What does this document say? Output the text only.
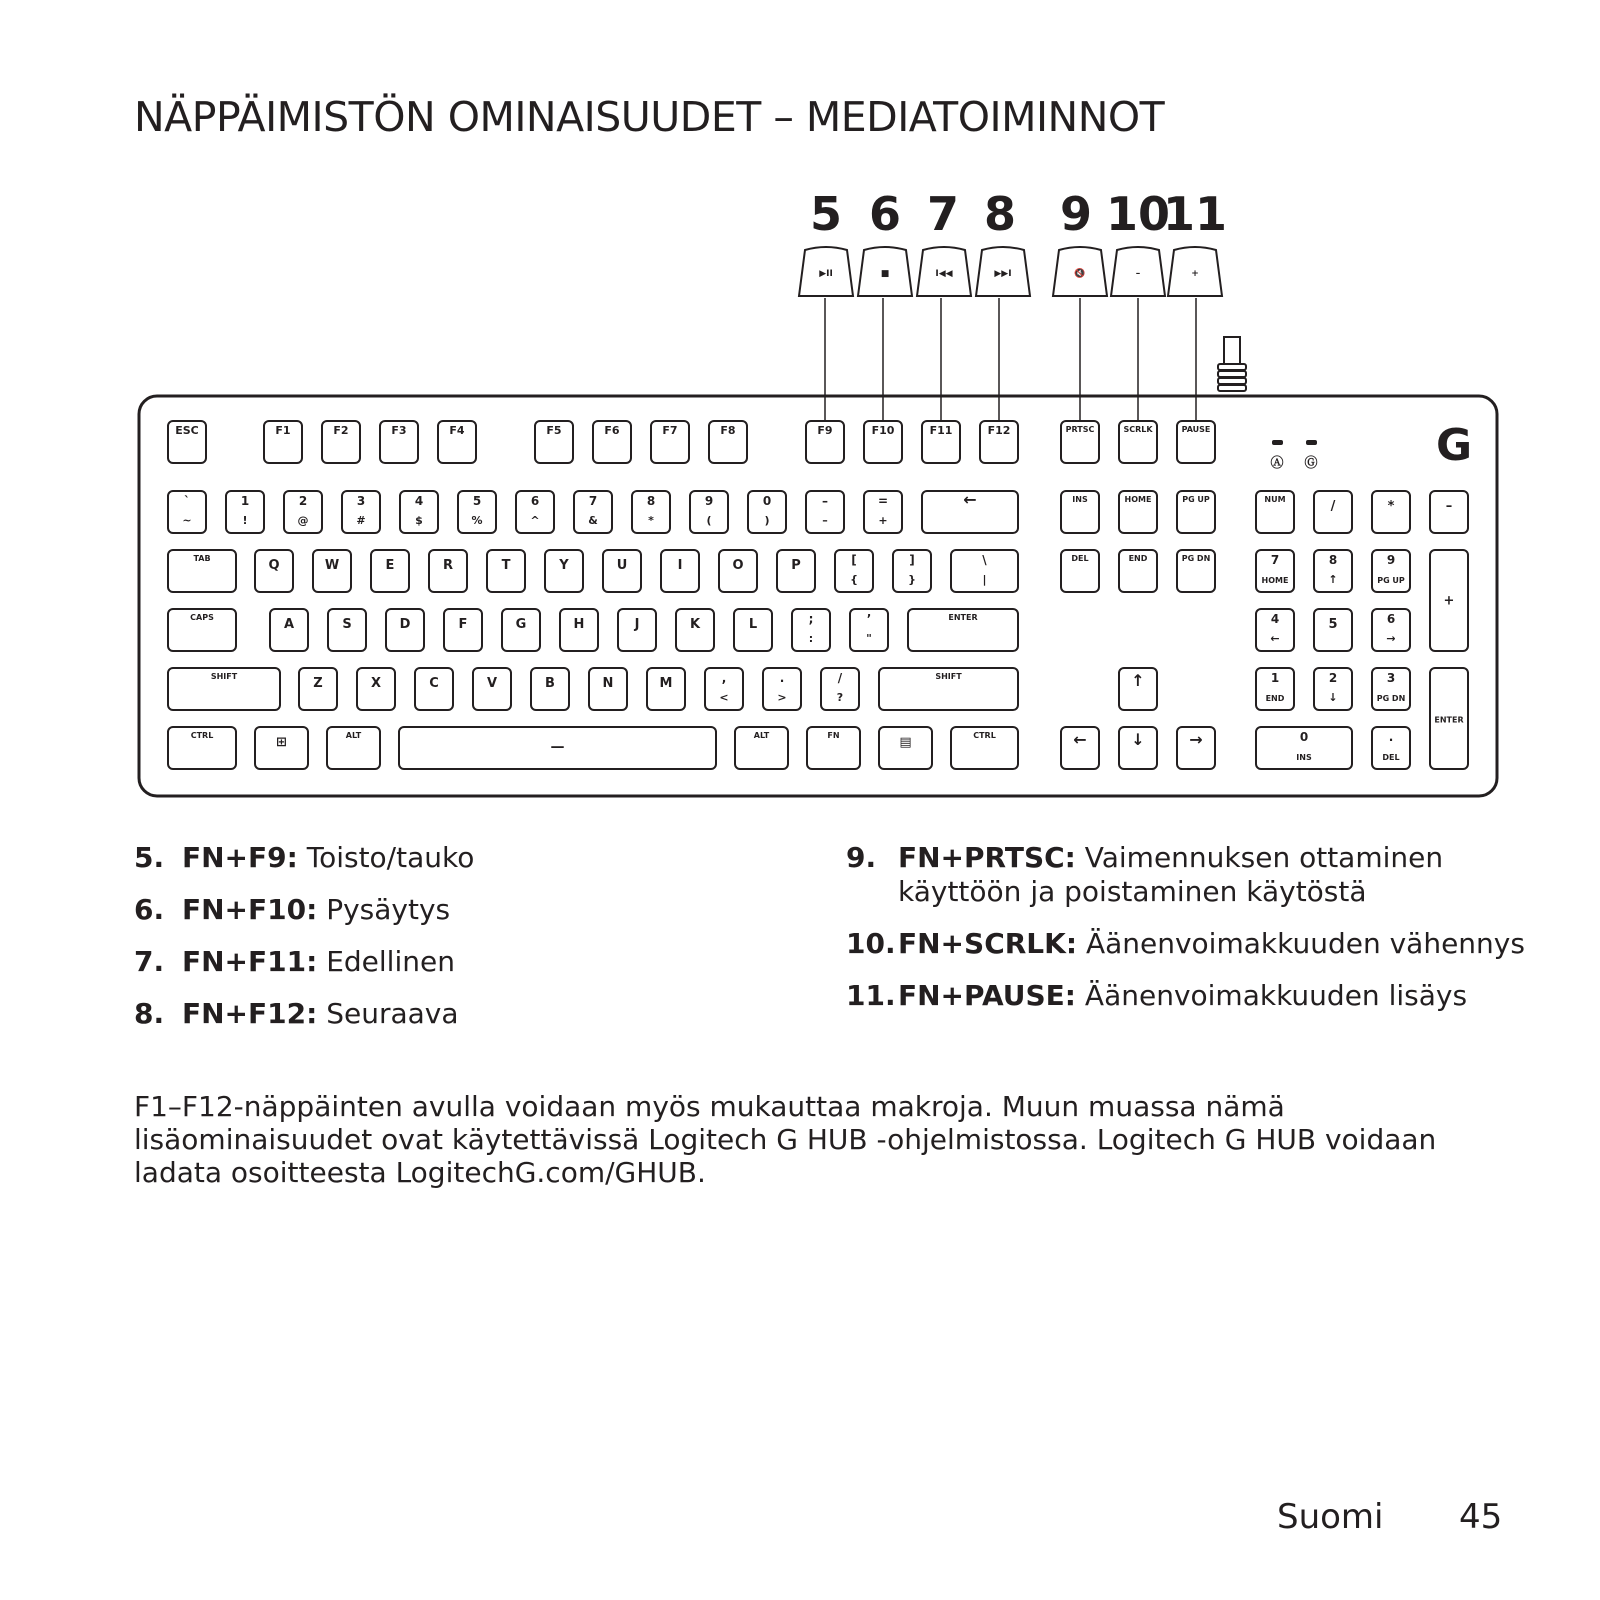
NÄPPÄIMISTÖN OMINAISUUDET – MEDIATOIMINNOT
ESC	F1	F2	F3	F4	F5	F6	F7	F8	F9	F10	F11	F12	PRTSC	SCRLK	PAUSE
`
~
1
!
2
@
3
#
4
$
5
%
6
^
7
&
8
*
9
(
0
)
–
–
=
+
←	INS	HOME	PG UP	NUM	/	*	–
TAB	Q	W	E	R	T	Y	U	I	O	P	[
{
]
}
\
|
DEL	END	PG DN	7
HOME
8
↑
9
PG UP
+
CAPS	A	S	D	F	G	H	J	K	L	;
:
’
"
ENTER	4
←
5	6
→
SHIFT	Z	X	C	V	B	N	M	,
<
.
>
/
?
SHIFT	↑	1
END
2
↓
3
PG DN
ENTER
CTRL	⊞	ALT
—
ALT	FN	▤	CTRL	←	↓	→	0
INS
.
DEL
Ⓐ Ⓖ	G
▶II	■	I◀◀	▶▶I	🔇	–	+
5 6 7 8 9 10
11
5. FN+F9: Toisto/tauko
6. FN+F10: Pysäytys
7. FN+F11: Edellinen
8. FN+F12: Seuraava
9. FN+PRTSC: Vaimennuksen ottaminen
käyttöön ja poistaminen käytöstä
10. FN+SCRLK: Äänenvoimakkuuden vähennys
11. FN+PAUSE: Äänenvoimakkuuden lisäys

F1–F12-näppäinten avulla voidaan myös mukauttaa makroja. Muun muassa nämä lisäominaisuudet ovat käytettävissä Logitech G HUB -ohjelmistossa. Logitech G HUB voidaan ladata osoitteesta LogitechG.com/GHUB.

Suomi 45
